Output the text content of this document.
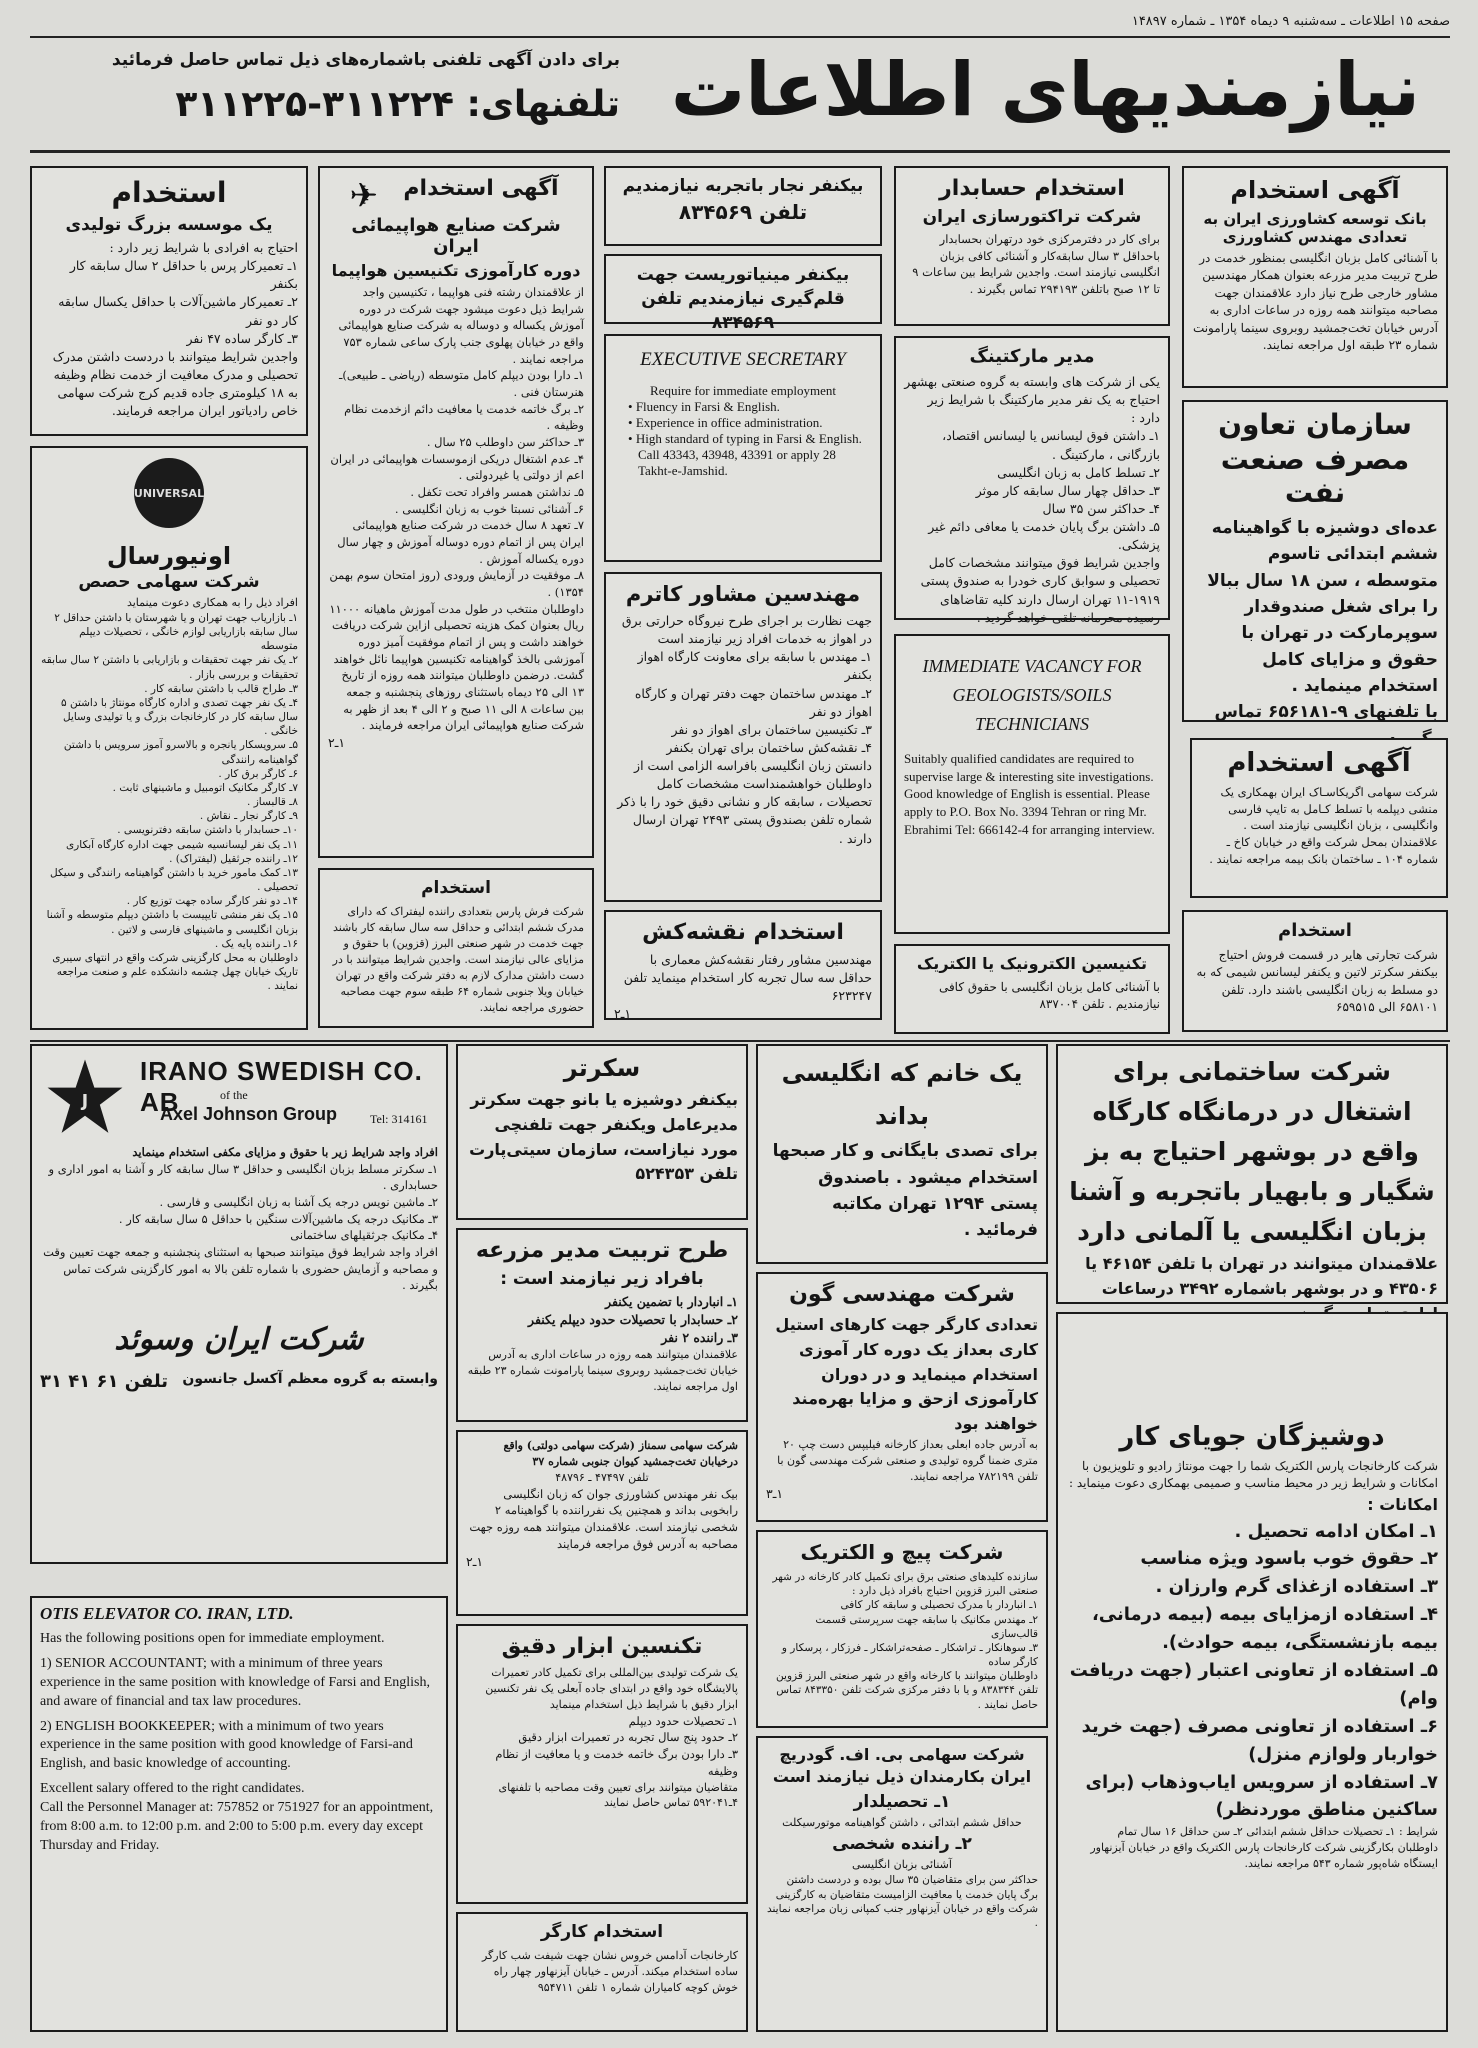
صفحه ۱۵ اطلاعات ـ سه‌شنبه ۹ دیماه ۱۳۵۴ ـ شماره ۱۴۸۹۷
نیازمندیهای اطلاعات
برای دادن آگهی تلفنی باشماره‌های ذیل تماس حاصل فرمائید
تلفنهای: ۳۱۱۲۲۴-۳۱۱۲۲۵
آگهی استخدام
بانک توسعه کشاورزی ایران به تعدادی مهندس کشاورزی
با آشنائی کامل بزبان انگلیسی بمنظور خدمت در طرح تربیت مدیر مزرعه بعنوان همکار مهندسین مشاور خارجی طرح نیاز دارد علاقمندان جهت مصاحبه میتوانند همه روزه در ساعات اداری به آدرس خیابان تخت‌جمشید روبروی سینما پارامونت شماره ۲۳ طبقه اول مراجعه نمایند.
سازمان تعاون
مصرف صنعت نفت
عده‌ای دوشیزه با گواهینامه ششم ابتدائی تاسوم متوسطه ، سن ۱۸ سال ببالا را برای شغل صندوقدار سوپرمارکت در تهران با حقوق و مزایای کامل استخدام مینماید .
با تلفنهای ۹-۶۵۶۱۸۱ تماس
آگهی استخدام
شرکت سهامی اگریکاسـاک ایران بهمکاری یک منشی دیپلمه با تسلط کـامل به تایپ فارسی وانگلیسی ، بزبان انگلیسی نیازمند است . علاقمندان بمحل شرکت واقع در خیابان کاخ ـ شماره ۱۰۴ ـ ساختمان بانک بیمه مراجعه نمایند .
استخدام
شرکت تجارتی هایر در قسمت فروش احتیاج بیکنفر سکرتر لاتین و یکنفر لیسانس شیمی که به دو مسلط به زبان انگلیسی باشند دارد. تلفن ۶۵۸۱۰۱ الی ۶۵۹۵۱۵
استخدام حسابدار
شرکت تراکتورسازی ایران
برای کار در دفترمرکزی خود درتهران بحسابدار باحداقل ۳ سال سابقه‌کار و آشنائی کافی بزبان انگلیسی نیازمند است. واجدین شرایط بین ساعات ۹ تا ۱۲ صبح باتلفن ۲۹۴۱۹۳ تماس بگیرند .
مدیر مارکتینگ
یکی از شرکت های وابسته به گروه صنعتی بهشهر احتیاج به یک نفر مدیر مارکتینگ با شرایط زیر دارد :
۱ـ داشتن فوق لیسانس یا لیسانس اقتصاد، بازرگانی ، مارکتینگ .
۲ـ تسلط کامل به زبان انگلیسی
۳ـ حداقل چهار سال سابقه کار موثر
۴ـ حداکثر سن ۳۵ سال
۵ـ داشتن برگ پایان خدمت یا معافی دائم غیر پزشکی.
واجدین شرایط فوق میتوانند مشخصات کامل تحصیلی و سوابق کاری خودرا به صندوق پستی ۱۹۱۹-۱۱ تهران ارسال دارند کلیه تقاضاهای رسیده محرمانه تلقی خواهد گردید .
IMMEDIATE VACANCY FOR GEOLOGISTS/SOILS TECHNICIANS
Suitably qualified candidates are required to supervise large & interesting site investigations. Good knowledge of English is essential. Please apply to P.O. Box No. 3394 Tehran or ring Mr. Ebrahimi Tel: 666142-4 for arranging interview.
تکنیسین الکترونیک یا الکتریک
با آشنائی کامل بزبان انگلیسی با حقوق کافی نیازمندیم . تلفن ۸۳۷۰۰۴
بیکنفر نجار باتجربه نیازمندیم
تلفن ۸۳۴۵۶۹
بیکنفر مینیاتوریست جهت قلم‌گیری نیازمندیم تلفن ۸۳۴۵۶۹
EXECUTIVE SECRETARY
Require for immediate employment
• Fluency in Farsi & English.
• Experience in office administration.
• High standard of typing in Farsi & English.
Call 43343, 43948, 43391 or apply 28 Takht-e-Jamshid.
مهندسین مشاور کاترم
جهت نظارت بر اجرای طرح نیروگاه حرارتی برق در اهواز به خدمات افراد زیر نیازمند است
۱ـ مهندس با سابقه برای معاونت کارگاه اهواز بکنفر
۲ـ مهندس ساختمان جهت دفتر تهران و کارگاه اهواز دو نفر
۳ـ تکنیسین ساختمان برای اهواز دو نفر
۴ـ نقشه‌کش ساختمان برای تهران بکنفر
دانستن زبان انگلیسی بافراسه الزامی است از داوطلبان خواهشمنداست مشخصات کامل تحصیلات ، سابقه کار و نشانی دقیق خود را با ذکر شماره تلفن بصندوق پستی ۲۴۹۳ تهران ارسال دارند .
استخدام نقشه‌کش
مهندسین مشاور رفتار نقشه‌کش معماری با حداقل سه سال تجربه کار استخدام مینماید تلفن ۶۲۳۲۴۷
۱ـ۲
✈	آگهی استخدام
شرکت صنایع هواپیمائی ایران
دوره کارآموزی تکنیسین هواپیما
از علاقمندان رشته فنی هواپیما ، تکنیسین واجد شرایط ذیل دعوت میشود جهت شرکت در دوره آموزش یکساله و دوساله به شرکت صنایع هواپیمائی واقع در خیابان پهلوی جنب پارک ساعی شماره ۷۵۳ مراجعه نمایند .
۱ـ دارا بودن دیپلم کامل متوسطه (ریاضی ـ طبیعی)ـ هنرستان فنی .
۲ـ برگ خاتمه خدمت یا معافیت دائم ازخدمت نظام وظیفه .
۳ـ حداکثر سن داوطلب ۲۵ سال .
۴ـ عدم اشتغال دریکی ازموسسات هواپیمائی در ایران اعم از دولتی یا غیردولتی .
۵ـ نداشتن همسر وافراد تحت تکفل .
۶ـ آشنائی نسبتا خوب به زبان انگلیسی .
۷ـ تعهد ۸ سال خدمت در شرکت صنایع هواپیمائی ایران پس از اتمام دوره دوساله آموزش و چهار سال دوره یکساله آموزش .
۸ـ موفقیت در آزمایش ورودی (روز امتحان سوم بهمن ۱۳۵۴) .
داوطلبان منتخب در طول مدت آموزش ماهیانه ۱۱۰۰۰ ریال بعنوان کمک هزینه تحصیلی ازاین شرکت دریافت خواهند داشت و پس از اتمام موفقیت آمیز دوره آموزشی بالخذ گواهینامه تکنیسین هواپیما نائل خواهند گشت. درضمن داوطلبان میتوانند همه روزه از تاریخ ۱۳ الی ۲۵ دیماه باستثنای روزهای پنجشنبه و جمعه بین ساعات ۸ الی ۱۱ صبح و ۲ الی ۴ بعد از ظهر به شرکت صنایع هواپیمائی ایران مراجعه فرمایند .
۱ـ۲
استخدام
شرکت فرش پارس بتعدادی راننده لیفتراک که دارای مدرک ششم ابتدائی و حداقل سه سال سابقه کار باشند جهت خدمت در شهر صنعتی البرز (قزوین) با حقوق و مزایای عالی نیازمند است. واجدین شرایط میتوانند با در دست داشتن مدارک لازم به دفتر شرکت واقع در تهران خیابان ویلا جنوبی شماره ۶۴ طبقه سوم جهت مصاحبه حضوری مراجعه نمایند.
استخدام
یک موسسه بزرگ تولیدی
احتیاج به افرادی با شرایط زیر دارد :
۱ـ تعمیرکار پرس با حداقل ۲ سال سابقه کار بکنفر
۲ـ تعمیرکار ماشین‌آلات با حداقل یکسال سابقه کار دو نفر
۳ـ کارگر ساده ۴۷ نفر
واجدین شرایط میتوانند با دردست داشتن مدرک تحصیلی و مدرک معافیت از خدمت نظام وظیفه به ۱۸ کیلومتری جاده قدیم کرج شرکت سهامی خاص رادیاتور ایران مراجعه فرمایند.
UNIVERSAL
اونیورسال
شرکت سهامی حصص
افراد ذیل را به همکاری دعوت مینماید
۱ـ بازاریاب جهت تهران و یا شهرستان با داشتن حداقل ۲ سال سابقه بازاریابی لوازم خانگی ، تحصیلات دیپلم متوسطه
۲ـ یک نفر جهت تحقیقات و بازاریابی با داشتن ۲ سال سابقه تحقیقات و بررسی بازار .
۳ـ طراح قالب با داشتن سابقه کار .
۴ـ یک نفر جهت تصدی و اداره کارگاه مونتاژ با داشتن ۵ سال سابقه کار در کارخانجات بزرگ و یا تولیدی وسایل خانگی .
۵ـ سرویسکار یانجره و بالاسرو آموز سرویس با داشتن گواهینامه رانندگی
۶ـ کارگر برق کار .
۷ـ کارگر مکانیک اتومبیل و ماشینهای ثابت .
۸ـ قالبساز .
۹ـ کارگر نجار ـ نقاش .
۱۰ـ حسابدار با داشتن سابقه دفترنویسی .
۱۱ـ یک نفر لیسانسیه شیمی جهت اداره کارگاه آبکاری
۱۲ـ راننده جرثقیل (لیفتراک) .
۱۳ـ کمک مامور خرید با داشتن گواهینامه رانندگی و سیکل تحصیلی .
۱۴ـ دو نفر کارگر ساده جهت توزیع کار .
۱۵ـ یک نفر منشی تایپیست با داشتن دیپلم متوسطه و آشنا بزبان انگلیسی و ماشینهای فارسی و لاتین .
۱۶ـ راننده پایه یک .
داوطلبان به محل کارگزینی شرکت واقع در انتهای سیبری تاریک خیابان چهل چشمه دانشکده علم و صنعت مراجعه نمایند .
شرکت ساختمانی برای اشتغال در درمانگاه کارگاه واقع در بوشهر احتیاج به بز شگیار و بابهیار باتجربه و آشنا بزبان انگلیسی یا آلمانی دارد
علاقمندان میتوانند در تهران با تلفن ۴۶۱۵۴ یا ۴۳۵۰۶ و در بوشهر باشماره ۳۴۹۲ درساعات
دوشیزگان جویای کار
شرکت کارخانجات پارس الکتریک شما را جهت مونتاژ رادیو و تلویزیون با امکانات و شرایط زیر در محیط مناسب و صمیمی بهمکاری دعوت مینماید :
امکانات :
۱ـ امکان ادامه تحصیل .
۲ـ حقوق خوب باسود ویژه مناسب
۳ـ استفاده ازغذای گرم وارزان .
۴ـ استفاده ازمزایای بیمه (بیمه درمانی، بیمه بازنشستگی، بیمه حوادث).
۵ـ استفاده از تعاونی اعتبار (جهت دریافت وام)
۶ـ استفاده از تعاونی مصرف (جهت خرید خواربار ولوازم منزل)
۷ـ استفاده از سرویس ایاب‌وذهاب (برای ساکنین مناطق موردنظر)
شرایط : ۱ـ تحصیلات حداقل ششم ابتدائی ۲ـ سن حداقل ۱۶ سال تمام
داوطلبان بکارگزینی شرکت کارخانجات پارس الکتریک واقع در خیابان آیزنهاور ایستگاه شاه‌پور شماره ۵۴۳ مراجعه نمایند.
یک خانم که انگلیسی بداند
برای تصدی بایگانی و کار صبحها استخدام میشود . باصندوق پستی ۱۲۹۴ تهران مکاتبه فرمائید .
شرکت مهندسی گون
تعدادی کارگر جهت کارهای استیل کاری بعداز یک دوره کار آموزی استخدام مینماید و در دوران کارآموزی ازحق و مزایا بهره‌مند خواهند بود
به آدرس جاده ابعلی بعداز کارخانه فیلیپس دست چپ ۲۰ متری ضمنا گروه تولیدی و صنعتی شرکت مهندسی گون با تلفن ۷۸۲۱۹۹ مراجعه نمایند.
۱ـ۳
شرکت پیچ و الکتریک
سازنده کلیدهای صنعتی برق برای تکمیل کادر کارخانه در شهر صنعتی البرز قزوین احتیاج بافراد ذیل دارد :
۱ـ انباردار با مدرک تحصیلی و سابقه کار کافی
۲ـ مهندس مکانیک با سابقه جهت سرپرستی قسمت قالب‌سازی
۳ـ سوهانکار ـ تراشکار ـ صفحه‌تراشکار ـ فرزکار ، پرسکار و کارگر ساده
داوطلبان میتوانند با کارخانه واقع در شهر صنعتی البرز قزوین تلفن ۸۳۸۳۴۴ و یا با دفتر مرکزی شرکت تلفن ۸۴۳۳۵۰ تماس حاصل نمایند .
شرکت سهامی بی. اف. گودریچ ایران بکارمندان ذیل نیازمند است
۱ـ تحصیلدار
حداقل ششم ابتدائی ، داشتن گواهینامه موتورسیکلت
۲ـ راننده شخصی
آشنائی بزبان انگلیسی
حداکثر سن برای متقاضیان ۳۵ سال بوده و دردست داشتن برگ پایان خدمت یا معافیت الزامیست متقاضیان به کارگزینی شرکت واقع در خیابان آیزنهاور جنب کمپانی زبان مراجعه نمایند .
سکرتر
بیکنفر دوشیزه یا بانو جهت سکرتر مدیرعامل ویکنفر جهت تلفنچی مورد نیازاست، سازمان سیتی‌پارت تلفن ۵۲۴۳۵۳
طرح تربیت مدیر مزرعه
بافراد زیر نیازمند است :
۱ـ انباردار با تضمین یکنفر
۲ـ حسابدار با تحصیلات حدود دیپلم یکنفر
۳ـ راننده ۲ نفر
علاقمندان میتوانند همه روزه در ساعات اداری به آدرس خیابان تخت‌جمشید روبروی سینما پارامونت شماره ۲۳ طبقه اول مراجعه نمایند.
شرکت سهامی سمناز (شرکت سهامی دولتی) واقع درخیابان تخت‌جمشید کیوان جنوبی شماره ۳۷
تلفن ۴۷۴۹۷ ـ ۴۸۷۹۶
بیک نفر مهندس کشاورزی جوان که زبان انگلیسی رابخوبی بداند و همچنین یک نفرراننده با گواهینامه ۲ شخصی نیازمند است. علاقمندان میتوانند همه روزه جهت مصاحبه به آدرس فوق مراجعه فرمایند
۱ـ۲
تکنسین ابزار دقیق
یک شرکت تولیدی بین‌المللی برای تکمیل کادر تعمیرات پالایشگاه خود واقع در ابتدای جاده آبعلی یک نفر تکنسین ابزار دقیق با شرایط ذیل استخدام مینماید
۱ـ تحصیلات حدود دیپلم
۲ـ حدود پنج سال تجربه در تعمیرات ابزار دقیق
۳ـ دارا بودن برگ خاتمه خدمت و یا معافیت از نظام وظیفه
متقاضیان میتوانند برای تعیین وقت مصاحبه با تلفنهای ۴ـ۵۹۲۰۴۱ تماس حاصل نمایند
استخدام کارگر
کارخانجات آدامس خروس نشان جهت شیفت شب کارگر ساده استخدام میکند. آدرس ـ خیابان آیزنهاور چهار راه خوش کوچه کامیاران شماره ۱ تلفن ۹۵۴۷۱۱
J
IRANO SWEDISH CO. AB	of the
Axel Johnson Group	Tel: 314161
افراد واجد شرایط زیر با حقوق و مزایای مکفی استخدام مینماید
۱ـ سکرتر مسلط بزبان انگلیسی و حداقل ۳ سال سابقه کار و آشنا به امور اداری و حسابداری .
۲ـ ماشین نویس درجه یک آشنا به زبان انگلیسی و فارسی .
۳ـ مکانیک درجه یک ماشین‌آلات سنگین با حداقل ۵ سال سابقه کار .
۴ـ مکانیک جرثقیلهای ساختمانی
افراد واجد شرایط فوق میتوانند صبحها به استثنای پنجشنبه و جمعه جهت تعیین وقت و مصاحبه و آزمایش حضوری با شماره تلفن بالا به امور کارگزینی شرکت تماس بگیرند .
شرکت ایران وسوئد
وابسته به گروه معظم آکسل جانسون
تلفن ۶۱ ۴۱ ۳۱
OTIS ELEVATOR CO. IRAN, LTD.
Has the following positions open for immediate employment.
1) SENIOR ACCOUNTANT; with a minimum of three years experience in the same position with knowledge of Farsi and English, and aware of financial and tax law procedures.
2) ENGLISH BOOKKEEPER; with a minimum of two years experience in the same position with good knowledge of Farsi-and English, and basic knowledge of accounting.
Excellent salary offered to the right candidates.
Call the Personnel Manager at: 757852 or 751927 for an appointment, from 8:00 a.m. to 12:00 p.m. and 2:00 to 5:00 p.m. every day except Thursday and Friday.
